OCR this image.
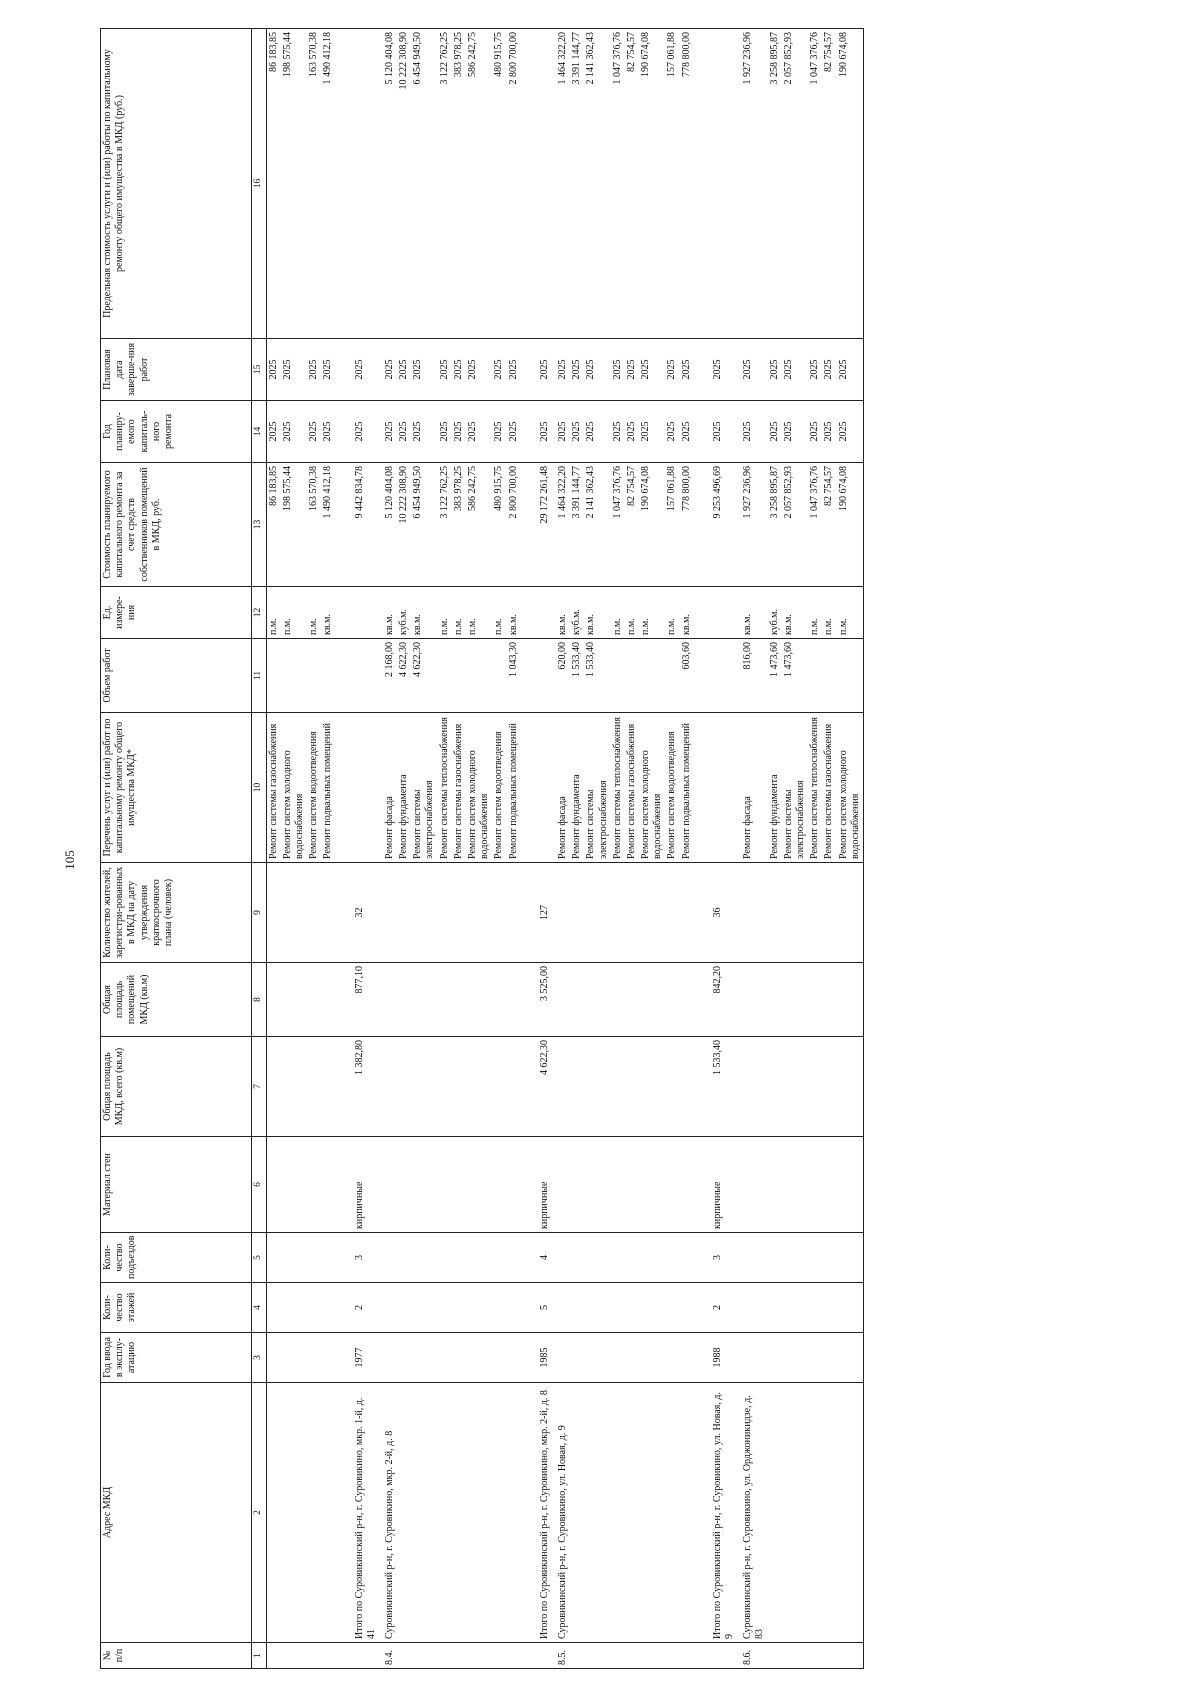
105
№ п/п	Адрес МКД	Год ввода в эксплу-атацию	Коли-чество этажей	Коли-чество подъездов	Материал стен	Общая площадь МКД, всего (кв.м)	Общая площадь помещений МКД (кв.м)	Количество жителей, зарегистри-рованных в МКД на дату утверждения краткосрочного плана (человек)	Перечень услуг и (или) работ по капитальному ремонту общего имущества МКД*	Объем работ	Ед. измере-ния	Стоимость планируемого капитального ремонта за счет средств собственников помещений в МКД, руб.	Год планиру-емого капиталь-ного ремонта	Плановая дата заверше-ния работ	Предельная стоимость услуги и (или) работы по капитальному ремонту общего имущества в МКД (руб.)
1	2	3	4	5	6	7	8	9	10	11	12	13	14	15	16
									Ремонт системы газоснабжения		п.м.	86 183,85	2025	2025	86 183,85
									Ремонт систем холодного водоснабжения		п.м.	198 575,44	2025	2025	198 575,44
									Ремонт систем водоотведения		п.м.	163 570,38	2025	2025	163 570,38
									Ремонт подвальных помещений		кв.м.	1 490 412,18	2025	2025	1 490 412,18
	Итого по Суровикинский р-н, г. Суровикино, мкр. 1-й, д. 41	1977	2	3	кирпичные	1 382,80	877,10	32				9 442 834,78	2025	2025	
8.4.	Суровикинский р-н, г. Суровикино, мкр. 2-й, д. 8								Ремонт фасада	2 168,00	кв.м.	5 120 404,08	2025	2025	5 120 404,08
									Ремонт фундамента	4 622,30	куб.м.	10 222 308,90	2025	2025	10 222 308,90
									Ремонт системы электроснабжения	4 622,30	кв.м.	6 454 949,50	2025	2025	6 454 949,50
									Ремонт системы теплоснабжения		п.м.	3 122 762,25	2025	2025	3 122 762,25
									Ремонт системы газоснабжения		п.м.	383 978,25	2025	2025	383 978,25
									Ремонт систем холодного водоснабжения		п.м.	586 242,75	2025	2025	586 242,75
									Ремонт систем водоотведения		п.м.	480 915,75	2025	2025	480 915,75
									Ремонт подвальных помещений	1 043,30	кв.м.	2 800 700,00	2025	2025	2 800 700,00
	Итого по Суровикинский р-н, г. Суровикино, мкр. 2-й, д. 8	1985	5	4	кирпичные	4 622,30	3 525,00	127				29 172 261,48	2025	2025	
8.5.	Суровикинский р-н, г. Суровикино, ул. Новая, д. 9								Ремонт фасада	620,00	кв.м.	1 464 322,20	2025	2025	1 464 322,20
									Ремонт фундамента	1 533,40	куб.м.	3 391 144,77	2025	2025	3 391 144,77
									Ремонт системы электроснабжения	1 533,40	кв.м.	2 141 362,43	2025	2025	2 141 362,43
									Ремонт системы теплоснабжения		п.м.	1 047 376,76	2025	2025	1 047 376,76
									Ремонт системы газоснабжения		п.м.	82 754,57	2025	2025	82 754,57
									Ремонт систем холодного водоснабжения		п.м.	190 674,08	2025	2025	190 674,08
									Ремонт систем водоотведения		п.м.	157 061,88	2025	2025	157 061,88
									Ремонт подвальных помещений	603,60	кв.м.	778 800,00	2025	2025	778 800,00
	Итого по Суровикинский р-н, г. Суровикино, ул. Новая, д. 9	1988	2	3	кирпичные	1 533,40	842,20	36				9 253 496,69	2025	2025	
8.6.	Суровикинский р-н, г. Суровикино, ул. Орджоникидзе, д. 83								Ремонт фасада	816,00	кв.м.	1 927 236,96	2025	2025	1 927 236,96
									Ремонт фундамента	1 473,60	куб.м.	3 258 895,87	2025	2025	3 258 895,87
									Ремонт системы электроснабжения	1 473,60	кв.м.	2 057 852,93	2025	2025	2 057 852,93
									Ремонт системы теплоснабжения		п.м.	1 047 376,76	2025	2025	1 047 376,76
									Ремонт системы газоснабжения		п.м.	82 754,57	2025	2025	82 754,57
									Ремонт систем холодного водоснабжения		п.м.	190 674,08	2025	2025	190 674,08
